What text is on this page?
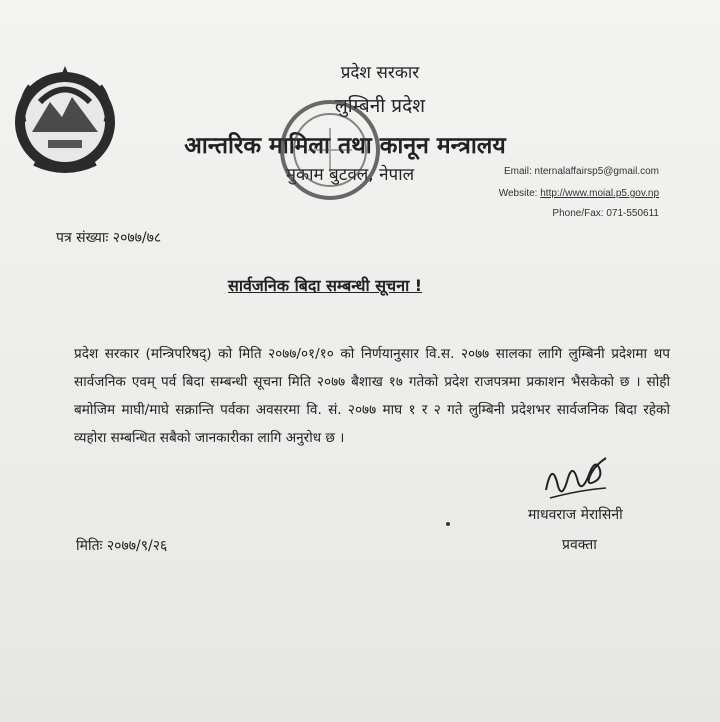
प्रदेश सरकार
लुम्बिनी प्रदेश
आन्तरिक मामिला तथा कानून मन्त्रालय
मुकाम बुटवल, नेपाल	Email: nternalaffairsp5@gmail.com
Website: http://www.moial.p5.gov.np
Phone/Fax: 071-550611
पत्र संख्याः २०७७/७८
सार्वजनिक बिदा सम्बन्धी सूचना !
प्रदेश सरकार (मन्त्रिपरिषद्) को मिति २०७७/०१/१० को निर्णयानुसार वि.स. २०७७ सालका लागि लुम्बिनी प्रदेशमा थप सार्वजनिक एवम् पर्व बिदा सम्बन्धी सूचना मिति २०७७ बैशाख १७ गतेको प्रदेश राजपत्रमा प्रकाशन भैसकेको छ । सोही बमोजिम माघी/माघे सक्रान्ति पर्वका अवसरमा वि. सं. २०७७ माघ १ र २ गते लुम्बिनी प्रदेशभर सार्वजनिक बिदा रहेको व्यहोरा सम्बन्धित सबैको जानकारीका लागि अनुरोध छ ।
माधवराज मेरासिनी
प्रवक्ता
मितिः २०७७/९/२६
